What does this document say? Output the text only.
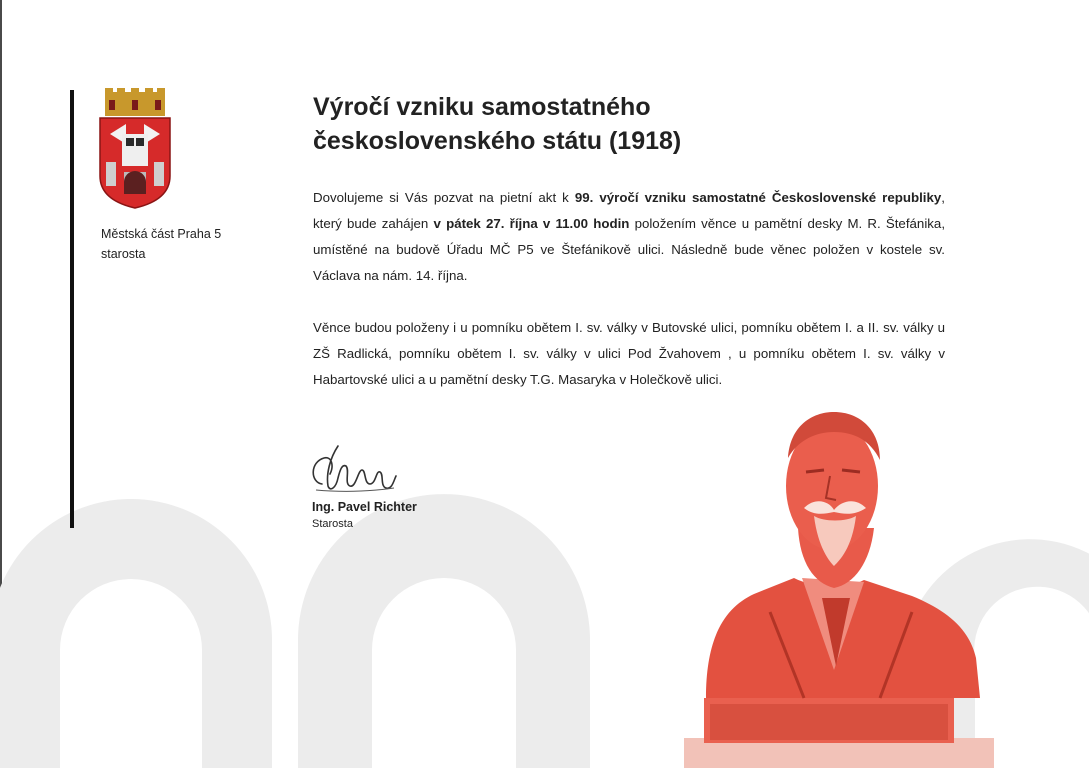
Městská část Praha 5
starosta
Výročí vzniku samostatného
československého státu (1918)

Dovolujeme si Vás pozvat na pietní akt k 99. výročí vzniku samostatné Československé republiky, který bude zahájen v pátek 27. října v 11.00 hodin položením věnce u pamětní desky M. R. Štefánika, umístěné na budově Úřadu MČ P5 ve Štefánikově ulici. Následně bude věnec položen v kostele sv. Václava na nám. 14. října.

Věnce budou položeny i u pomníku obětem I. sv. války v Butovské ulici, pomníku obětem I. a II. sv. války u ZŠ Radlická, pomníku obětem I. sv. války v ulici Pod Žvahovem , u pomníku obětem I. sv. války v Habartovské ulici a u pamětní desky T.G. Masaryka v Holečkově ulici.

Ing. Pavel Richter
Starosta
